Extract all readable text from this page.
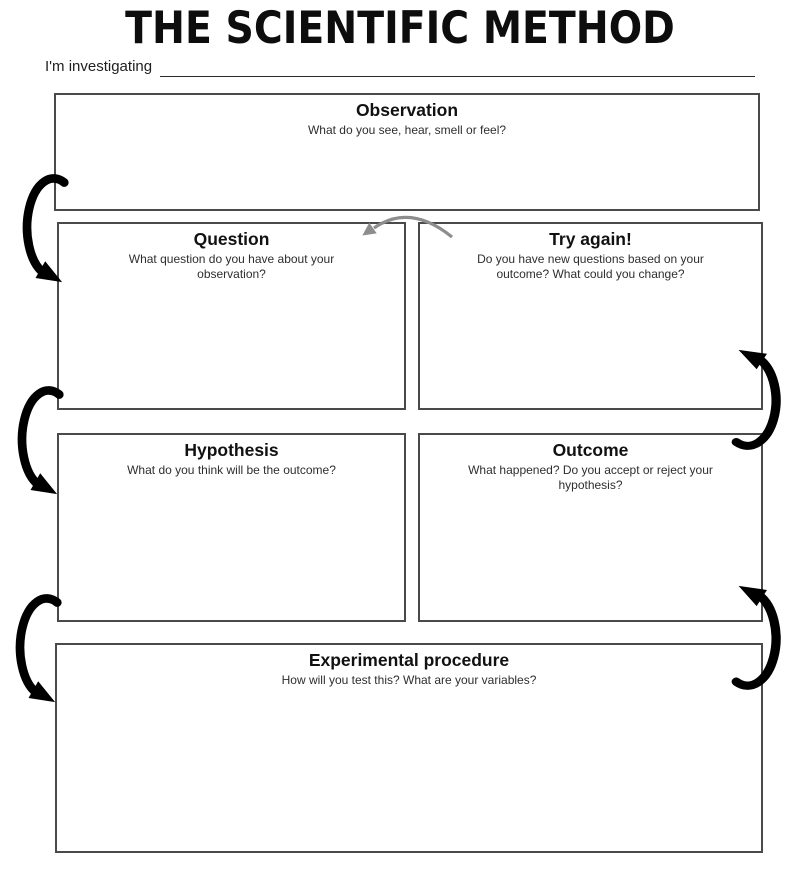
THE SCIENTIFIC METHOD
I'm investigating
Observation
What do you see, hear, smell or feel?
Question
What question do you have about your observation?
Try again!
Do you have new questions based on your outcome? What could you change?
Hypothesis
What do you think will be the outcome?
Outcome
What happened? Do you accept or reject your hypothesis?
Experimental procedure
How will you test this? What are your variables?
